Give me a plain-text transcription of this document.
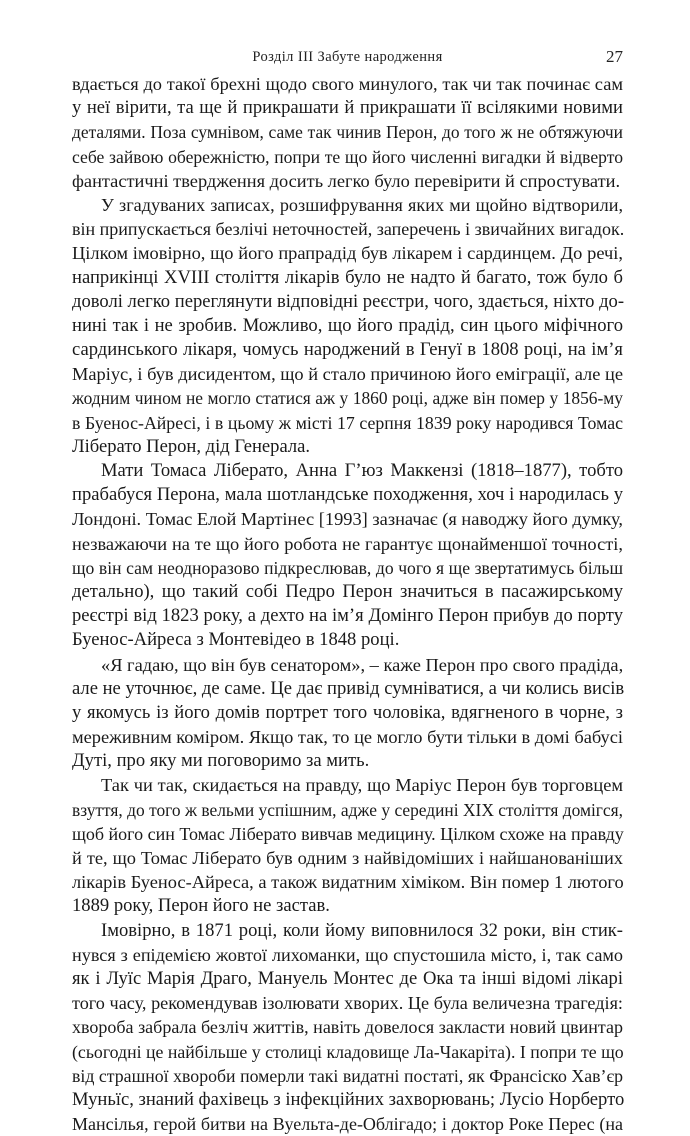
Розділ III Забуте народження	27
вдається до такої брехні щодо свого минулого, так чи так починає сам
у неї вірити, та ще й прикрашати й прикрашати її всілякими новими
деталями. Поза сумнівом, саме так чинив Перон, до того ж не обтяжуючи
себе зайвою обережністю, попри те що його численні вигадки й відверто
фантастичні твердження досить легко було перевірити й спростувати.
У згадуваних записах, розшифрування яких ми щойно відтворили,
він припускається безлічі неточностей, заперечень і звичайних вигадок.
Цілком імовірно, що його прапрадід був лікарем і сардинцем. До речі,
наприкінці XVIII століття лікарів було не надто й багато, тож було б
доволі легко переглянути відповідні реєстри, чого, здається, ніхто до-
нині так і не зробив. Можливо, що його прадід, син цього міфічного
сардинського лікаря, чомусь народжений в Генуї в 1808 році, на ім’я
Маріус, і був дисидентом, що й стало причиною його еміграції, але це
жодним чином не могло статися аж у 1860 році, адже він помер у 1856-му
в Буенос-Айресі, і в цьому ж місті 17 серпня 1839 року народився Томас
Ліберато Перон, дід Генерала.
Мати Томаса Ліберато, Анна Гʼюз Маккензі (1818–1877), тобто
прабабуся Перона, мала шотландське походження, хоч і народилась у
Лондоні. Томас Елой Мартінес [1993] зазначає (я наводжу його думку,
незважаючи на те що його робота не гарантує щонайменшої точності,
що він сам неодноразово підкреслював, до чого я ще звертатимусь більш
детально), що такий собі Педро Перон значиться в пасажирському
реєстрі від 1823 року, а дехто на ім’я Домінго Перон прибув до порту
Буенос-Айреса з Монтевідео в 1848 році.
«Я гадаю, що він був сенатором», – каже Перон про свого прадіда,
але не уточнює, де саме. Це дає привід сумніватися, а чи колись висів
у якомусь із його домів портрет того чоловіка, вдягненого в чорне, з
мереживним коміром. Якщо так, то це могло бути тільки в домі бабусі
Дуті, про яку ми поговоримо за мить.
Так чи так, скидається на правду, що Маріус Перон був торговцем
взуття, до того ж вельми успішним, адже у середині XIX століття домігся,
щоб його син Томас Ліберато вивчав медицину. Цілком схоже на правду
й те, що Томас Ліберато був одним з найвідоміших і найшанованіших
лікарів Буенос-Айреса, а також видатним хіміком. Він помер 1 лютого
1889 року, Перон його не застав.
Імовірно, в 1871 році, коли йому виповнилося 32 роки, він стик-
нувся з епідемією жовтої лихоманки, що спустошила місто, і, так само
як і Луїс Марія Драго, Мануель Монтес де Ока та інші відомі лікарі
того часу, рекомендував ізолювати хворих. Це була величезна трагедія:
хвороба забрала безліч життів, навіть довелося закласти новий цвинтар
(сьогодні це найбільше у столиці кладовище Ла-Чакаріта). І попри те що
від страшної хвороби померли такі видатні постаті, як Франсіско Хав’єр
Муньїс, знаний фахівець з інфекційних захворювань; Лусіо Норберто
Мансілья, герой битви на Вуельта-де-Облігадо; і доктор Роке Перес (на
